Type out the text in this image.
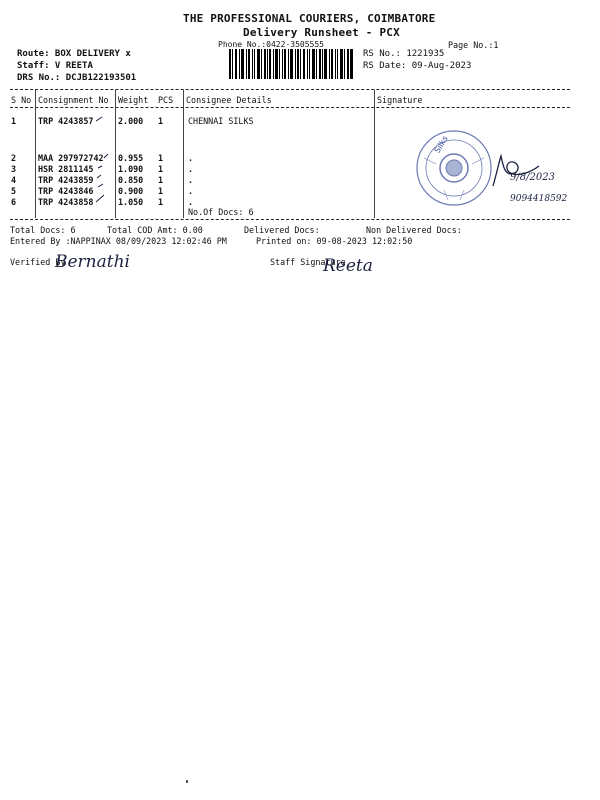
THE PROFESSIONAL COURIERS, COIMBATORE
Delivery Runsheet - PCX
Phone No.:0422-3505555	Page No.:1
Route: BOX DELIVERY x
Staff: V REETA
DRS No.: DCJB122193501
RS No.: 1221935
RS Date: 09-Aug-2023
S No Consignment No Weight PCS Consignee Details	Signature
1	TRP 4243857	2.000 1	CHENNAI SILKS
2	MAA 297972742 0.955 1	.
3	HSR 2811145	1.090 1	.
4	TRP 4243859	0.850 1	.
5	TRP 4243846	0.900 1	.
6	TRP 4243858	1.050 1	.
No.Of Docs: 6
Total Docs: 6	Total COD Amt: 0.00	Delivered Docs:	Non Delivered Docs:
Entered By :NAPPINAX 08/09/2023 12:02:46 PM	Printed on: 09-08-2023 12:02:50
Verified By	Staff Signature
Bernathi	Reeta
9/8/2023
9094418592
Silks
